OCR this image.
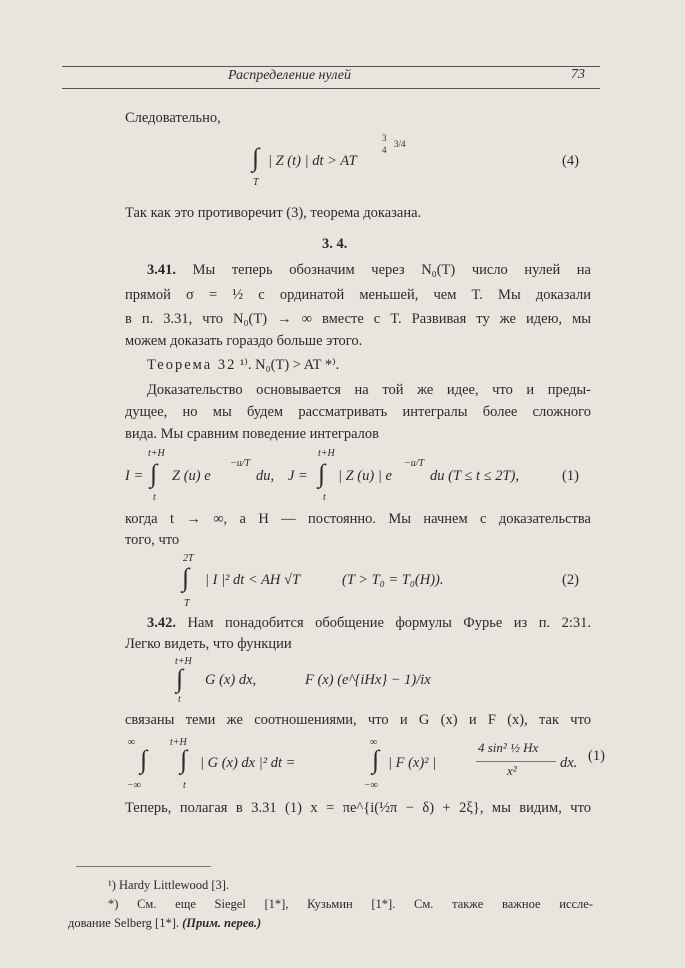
Распределение нулей	73
Следовательно,
∫
T
| Z (t) | dt > AT
3
4
3/4
(4)
Так как это противоречит (3), теорема доказана.
3. 4.
3.41. Мы теперь обозначим через N₀(T) число нулей на
прямой σ = ½ с ординатой меньшей, чем T. Мы доказали
в п. 3.31, что N₀(T) → ∞ вместе с T. Развивая ту же идею, мы
можем доказать гораздо больше этого.
Теорема 32 ¹⁾. N₀(T) > AT *⁾.
Доказательство основывается на той же идее, что и преды-
дущее, но мы будем рассматривать интегралы более сложного
вида. Мы сравним поведение интегралов
t+H
t
I = ∫ Z (u) e
−u/T
du, J =
t+H
t
∫ | Z (u) | e
−u/T
du (T ≤ t ≤ 2T),	(1)
когда t → ∞, а H — постоянно. Мы начнем с доказательства
того, что
2T
∫
T
| I |² dt < AH √T	(T > T₀ = T₀(H)).	(2)
3.42. Нам понадобится обобщение формулы Фурье из п. 2:31.
Легко видеть, что функции
t+H
∫
t
G (x) dx,	F (x) (e^{iHx} − 1)/ix
связаны теми же соотношениями, что и G (x) и F (x), так что
∞
∫
−∞
t+H
∫
t
| G (x) dx |² dt =
∞
∫
−∞
| F (x)² |
4 sin² ½ Hx
x²	dx. (1)
Теперь, полагая в 3.31 (1) x = πe^{i(½π − δ) + 2ξ}, мы видим, что
¹) Hardy Littlewood [3].
*) См. еще Siegel [1*], Кузьмин [1*]. См. также важное иссле-
дование Selberg [1*]. (Прим. перев.)
